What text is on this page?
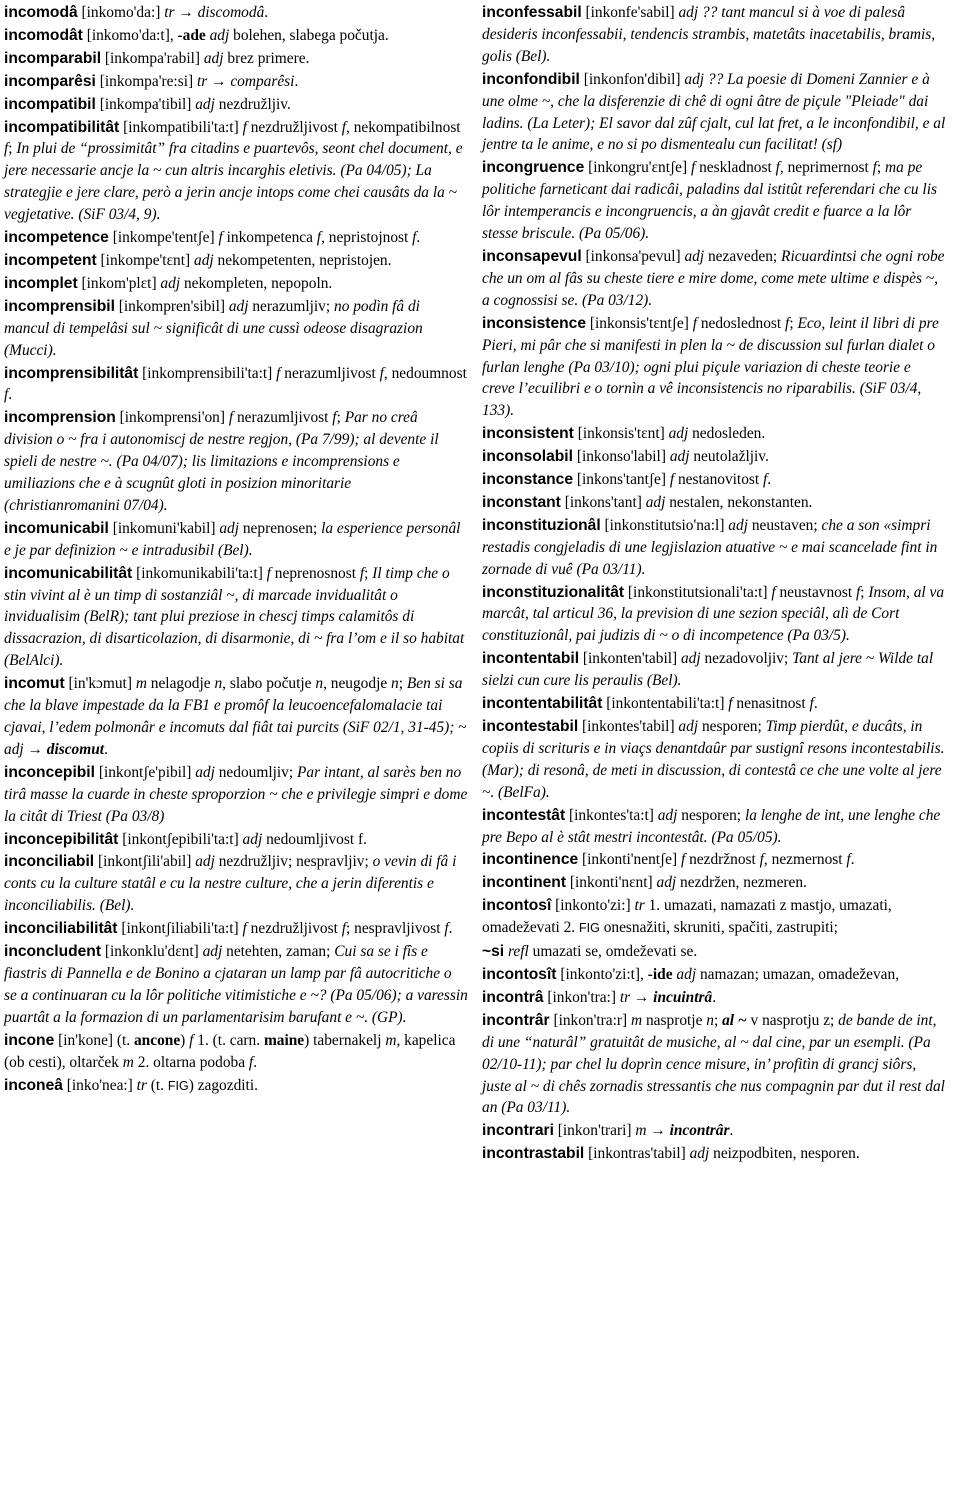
incomodâ [inkomo'da:] tr → discomodâ.
incomodât [inkomo'da:t], -ade adj bolehen, slabega počutja.
incomparabil [inkompa'rabil] adj brez primere.
incomparêsi [inkompa're:si] tr → comparêsi.
incompatibil [inkompa'tibil] adj nezdružljiv.
incompatibilitât [inkompatibili'ta:t] f nezdružljivost f, nekompatibilnost f; In plui de “prossimitât” fra citadins e puartevôs, seont chel document, e jere necessarie ancje la ~ cun altris incarghis eletivis. (Pa 04/05); La strategjie e jere clare, però a jerin ancje intops come chei causâts da la ~ vegjetative. (SiF 03/4, 9).
incompetence [inkompe'tentʃe] f inkompetenca f, nepristojnost f.
incompetent [inkompe'tɛnt] adj nekompetenten, nepristojen.
incomplet [inkom'plɛt] adj nekompleten, nepopoln.
incomprensibil [inkompren'sibil] adj nerazumljiv; no podìn fâ di mancul di tempelâsi sul ~ significât di une cussì odeose disagrazion (Mucci).
incomprensibilitât [inkomprensibili'ta:t] f nerazumljivost f, nedoumnost f.
incomprension [inkomprensi'on] f nerazumljivost f; Par no creâ division o ~ fra i autonomiscj de nestre regjon, (Pa 7/99); al devente il spieli de nestre ~. (Pa 04/07); lis limitazions e incomprensions e umiliazions che e à scugnût gloti in posizion minoritarie (christianromanini 07/04).
incomunicabil [inkomuni'kabil] adj neprenosen; la esperience personâl e je par definizion ~ e intradusibil (Bel).
incomunicabilitât [inkomunikabili'ta:t] f neprenosnost f; Il timp che o stin vivint al è un timp di sostanziâl ~, di marcade invidualitât o invidualisim (BelR); tant plui preziose in chescj timps calamitôs di dissacrazion, di disarticolazion, di disarmonie, di ~ fra l’om e il so habitat (BelAlci).
incomut [in'kɔmut] m nelagodje n, slabo počutje n, neugodje n; Ben si sa che la blave impestade da la FB1 e promôf la leucoencefalomalacie tai cjavai, l’edem polmonâr e incomuts dal fiât tai purcits (SiF 02/1, 31-45); ~ adj → discomut.
inconcepibil [inkontʃe'pibil] adj nedoumljiv; Par intant, al sarès ben no tirâ masse la cuarde in cheste sproporzion ~ che e privilegje simpri e dome la citât di Triest (Pa 03/8)
inconcepibilitât [inkontʃepibili'ta:t] adj nedoumljivost f.
inconciliabil [inkontʃili'abil] adj nezdružljiv; nespravljiv; o vevin di fâ i conts cu la culture statâl e cu la nestre culture, che a jerin diferentis e inconciliabilis. (Bel).
inconciliabilitât [inkontʃiliabili'ta:t] f nezdružljivost f; nespravljivost f.
inconcludent [inkonklu'dɛnt] adj netehten, zaman; Cui sa se i fîs e fiastris di Pannella e de Bonino a cjataran un lamp par fâ autocritiche o se a continuaran cu la lôr politiche vitimistiche e ~? (Pa 05/06); a varessin puartât a la formazion di un parlamentarisim barufant e ~. (GP).
incone [in'kone] (t. ancone) f 1. (t. carn. maine) tabernakelj m, kapelica (ob cesti), oltarček m 2. oltarna podoba f.
inconeâ [inko'nea:] tr (t. FIG) zagozditi.
inconfessabil [inkonfe'sabil] adj ?? tant mancul si à voe di palesâ desideris inconfessabii, tendencis strambis, matetâts inacetabilis, bramis, golis (Bel).
inconfondibil [inkonfon'dibil] adj ?? La poesie di Domeni Zannier e à une olme ~, che la disferenzie di chê di ogni âtre de piçule "Pleiade" dai ladins. (La Leter); El savor dal zûf cjalt, cul lat fret, a le inconfondibil, e al jentre ta le anime, e no si po dismentealu cun facilitat! (sf)
incongruence [inkongru'ɛntʃe] f neskladnost f, neprimernost f; ma pe politiche farneticant dai radicâi, paladins dal istitût referendari che cu lis lôr intemperancis e incongruencis, a àn gjavât credit e fuarce a la lôr stesse briscule. (Pa 05/06).
inconsapevul [inkonsa'pevul] adj nezaveden; Ricuardintsi che ogni robe che un om al fâs su cheste tiere e mire dome, come mete ultime e dispès ~, a cognossisi se. (Pa 03/12).
inconsistence [inkonsis'tɛntʃe] f nedoslednost f; Eco, leint il libri di pre Pieri, mi pâr che si manifesti in plen la ~ de discussion sul furlan dialet o furlan lenghe (Pa 03/10); ogni plui piçule variazion di cheste teorie e creve l’ecuilibri e o tornìn a vê inconsistencis no riparabilis. (SiF 03/4, 133).
inconsistent [inkonsis'tɛnt] adj nedosleden.
inconsolabil [inkonso'labil] adj neutolažljiv.
inconstance [inkons'tantʃe] f nestanovitost f.
inconstant [inkons'tant] adj nestalen, nekonstanten.
inconstituzionâl [inkonstitutsio'na:l] adj neustaven; che a son «simpri restadis congjeladis di une legjislazion atuative ~ e mai scancelade fint in zornade di vuê (Pa 03/11).
inconstituzionalitât [inkonstitutsionali'ta:t] f neustavnost f; Insom, al va marcât, tal articul 36, la prevision di une sezion speciâl, alì de Cort constituzionâl, pai judizis di ~ o di incompetence (Pa 03/5).
incontentabil [inkonten'tabil] adj nezadovoljiv; Tant al jere ~ Wilde tal sielzi cun cure lis peraulis (Bel).
incontentabilitât [inkontentabili'ta:t] f nenasitnost f.
incontestabil [inkontes'tabil] adj nesporen; Timp pierdût, e ducâts, in copiis di scrituris e in viaçs denantdaûr par sustignî resons incontestabilis. (Mar); di resonâ, de meti in discussion, di contestâ ce che une volte al jere ~. (BelFa).
incontestât [inkontes'ta:t] adj nesporen; la lenghe de int, une lenghe che pre Bepo al è stât mestri incontestât. (Pa 05/05).
incontinence [inkonti'nentʃe] f nezdržnost f, nezmernost f.
incontinent [inkonti'nɛnt] adj nezdržen, nezmeren.
incontosî [inkonto'zi:] tr 1. umazati, namazati z mastjo, umazati, omadeževati 2. FIG onesnažiti, skruniti, spačiti, zastrupiti;
~si refl umazati se, omdeževati se.
incontosît [inkonto'zi:t], -ide adj namazan; umazan, omadeževan,
incontrâ [inkon'tra:] tr → incuintrâ.
incontrâr [inkon'tra:r] m nasprotje n; al ~ v nasprotju z; de bande de int, di une “naturâl” gratuitât de musiche, al ~ dal cine, par un esempli. (Pa 02/10-11); par chel lu doprìn cence misure, in’ profitìn di grancj siôrs, juste al ~ di chês zornadis stressantis che nus compagnin par dut il rest dal an (Pa 03/11).
incontrari [inkon'trari] m → incontrâr.
incontrastabil [inkontras'tabil] adj neizpodbiten, nesporen.
